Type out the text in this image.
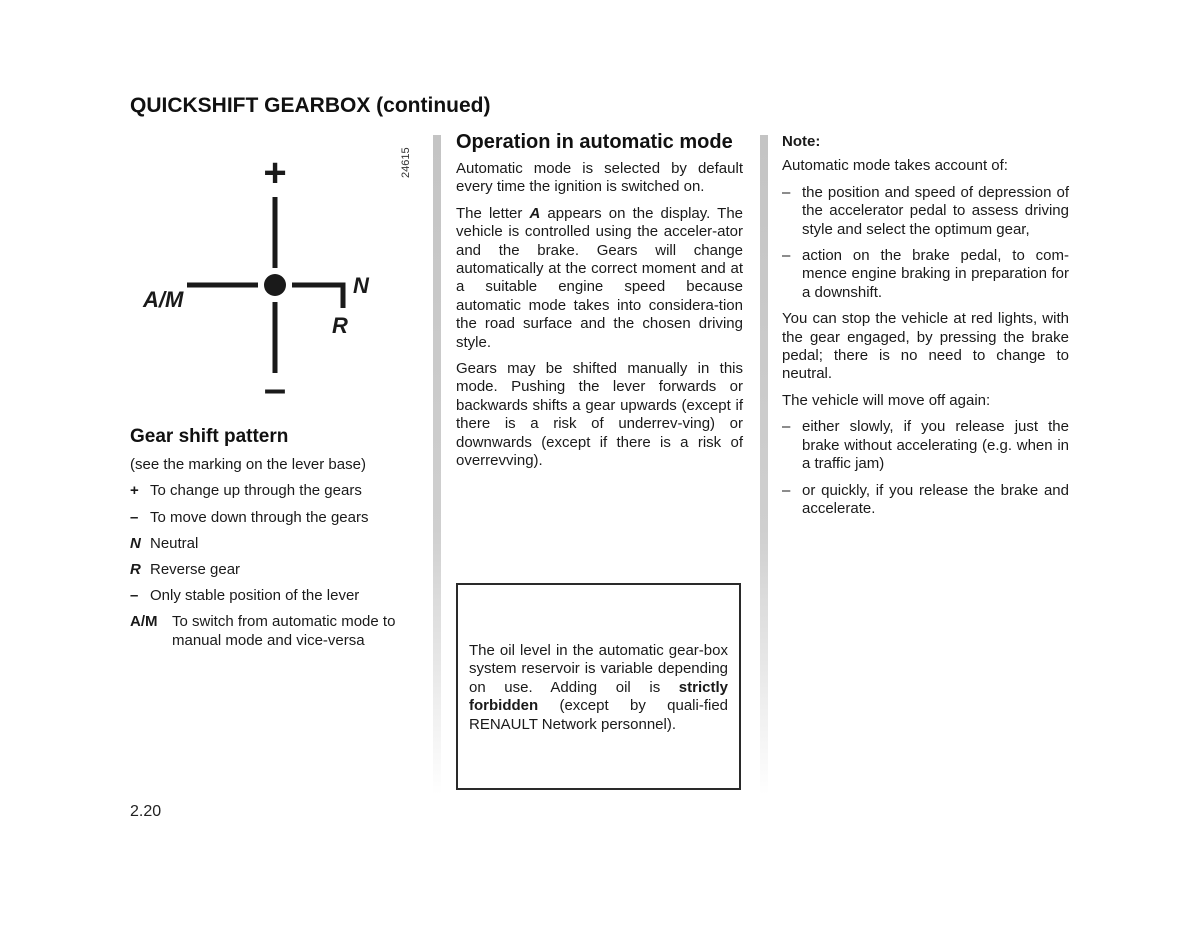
QUICKSHIFT GEARBOX (continued)
24615
+
–
A/M
N
R
Gear shift pattern
(see the marking on the lever base)
+ To change up through the gears
– To move down through the gears
N Neutral
R Reverse gear
– Only stable position of the lever
A/M To switch from automatic mode to manual mode and vice-versa
Operation in automatic mode

Automatic mode is selected by default every time the ignition is switched on.

The letter A appears on the display. The vehicle is controlled using the acceler-ator and the brake. Gears will change automatically at the correct moment and at a suitable engine speed because automatic mode takes into considera-tion the road surface and the chosen driving style.

Gears may be shifted manually in this mode. Pushing the lever forwards or backwards shifts a gear upwards (except if there is a risk of underrev-ving) or downwards (except if there is a risk of overrevving).

The oil level in the automatic gear-box system reservoir is variable depending on use. Adding oil is strictly forbidden (except by quali-fied RENAULT Network personnel).
Note:

Automatic mode takes account of:

– the position and speed of depression of the accelerator pedal to assess driving style and select the optimum gear,
– action on the brake pedal, to com-mence engine braking in preparation for a downshift.

You can stop the vehicle at red lights, with the gear engaged, by pressing the brake pedal; there is no need to change to neutral.

The vehicle will move off again:

– either slowly, if you release just the brake without accelerating (e.g. when in a traffic jam)
– or quickly, if you release the brake and accelerate.
2.20
